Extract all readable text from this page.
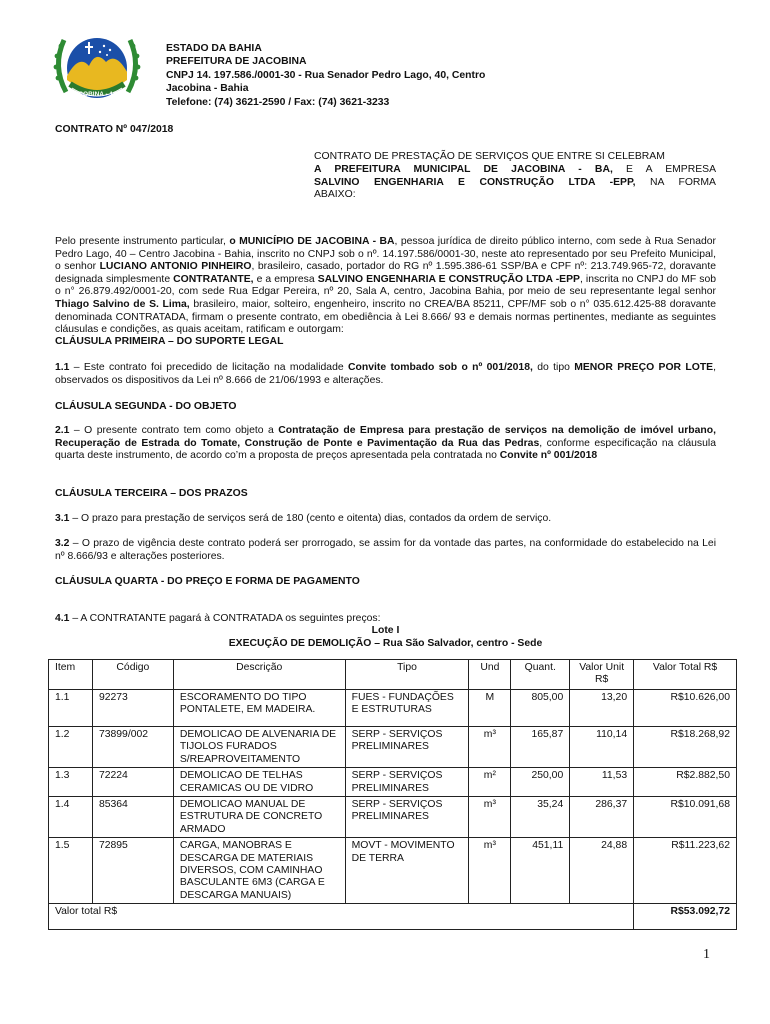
JACOBINA - 1880
ESTADO DA BAHIA
PREFEITURA DE JACOBINA
CNPJ 14. 197.586./0001-30 - Rua Senador Pedro Lago, 40, Centro
Jacobina - Bahia
Telefone: (74) 3621-2590 / Fax: (74) 3621-3233
CONTRATO Nº 047/2018
CONTRATO DE PRESTAÇÃO DE SERVIÇOS QUE ENTRE SI CELEBRAM
A PREFEITURA MUNICIPAL DE JACOBINA - BA, E A EMPRESA
SALVINO ENGENHARIA E CONSTRUÇÃO LTDA -EPP, NA FORMA
ABAIXO:
Pelo presente instrumento particular, o MUNICÍPIO DE JACOBINA - BA, pessoa jurídica de direito público interno, com sede à Rua Senador Pedro Lago, 40 – Centro Jacobina - Bahia, inscrito no CNPJ sob o nº. 14.197.586/0001-30, neste ato representado por seu Prefeito Municipal, o senhor LUCIANO ANTONIO PINHEIRO, brasileiro, casado, portador do RG nº 1.595.386-61 SSP/BA e CPF nº: 213.749.965-72, doravante designada simplesmente CONTRATANTE, e a empresa SALVINO ENGENHARIA E CONSTRUÇÃO LTDA -EPP, inscrita no CNPJ do MF sob o n° 26.879.492/0001-20, com sede Rua Edgar Pereira, nº 20, Sala A, centro, Jacobina Bahia, por meio de seu representante legal senhor Thiago Salvino de S. Lima, brasileiro, maior, solteiro, engenheiro, inscrito no CREA/BA 85211, CPF/MF sob o n° 035.612.425-88 doravante denominada CONTRATADA, firmam o presente contrato, em obediência à Lei 8.666/ 93 e demais normas pertinentes, mediante as seguintes cláusulas e condições, as quais aceitam, ratificam e outorgam:
CLÁUSULA PRIMEIRA – DO SUPORTE LEGAL
1.1 – Este contrato foi precedido de licitação na modalidade Convite tombado sob o nº 001/2018, do tipo MENOR PREÇO POR LOTE, observados os dispositivos da Lei nº 8.666 de 21/06/1993 e alterações.
CLÁUSULA SEGUNDA - DO OBJETO
2.1 – O presente contrato tem como objeto a Contratação de Empresa para prestação de serviços na demolição de imóvel urbano, Recuperação de Estrada do Tomate, Construção de Ponte e Pavimentação da Rua das Pedras, conforme especificação na cláusula quarta deste instrumento, de acordo co’m a proposta de preços apresentada pela contratada no Convite nº 001/2018
CLÁUSULA TERCEIRA – DOS PRAZOS
3.1 – O prazo para prestação de serviços será de 180 (cento e oitenta) dias, contados da ordem de serviço.
3.2 – O prazo de vigência deste contrato poderá ser prorrogado, se assim for da vontade das partes, na conformidade do estabelecido na Lei nº 8.666/93 e alterações posteriores.
CLÁUSULA QUARTA - DO PREÇO E FORMA DE PAGAMENTO
4.1 – A CONTRATANTE pagará à CONTRATADA os seguintes preços:
Lote I
EXECUÇÃO DE DEMOLIÇÃO – Rua São Salvador, centro - Sede
Item	Código	Descrição	Tipo	Und	Quant.	Valor Unit R$	Valor Total R$

1.1	92273	ESCORAMENTO DO TIPO PONTALETE, EM MADEIRA.	FUES - FUNDAÇÕES E ESTRUTURAS	M	805,00	13,20	R$10.626,00

1.2	73899/002	DEMOLICAO DE ALVENARIA DE TIJOLOS FURADOS S/REAPROVEITAMENTO	SERP - SERVIÇOS PRELIMINARES	m³	165,87	110,14	R$18.268,92

1.3	72224	DEMOLICAO DE TELHAS CERAMICAS OU DE VIDRO	SERP - SERVIÇOS PRELIMINARES	m²	250,00	11,53	R$2.882,50

1.4	85364	DEMOLICAO MANUAL DE ESTRUTURA DE CONCRETO ARMADO	SERP - SERVIÇOS PRELIMINARES	m³	35,24	286,37	R$10.091,68

1.5	72895	CARGA, MANOBRAS E DESCARGA DE MATERIAIS DIVERSOS, COM CAMINHAO BASCULANTE 6M3 (CARGA E DESCARGA MANUAIS)	MOVT - MOVIMENTO DE TERRA	m³	451,11	24,88	R$11.223,62

Valor total R$							R$53.092,72
1
